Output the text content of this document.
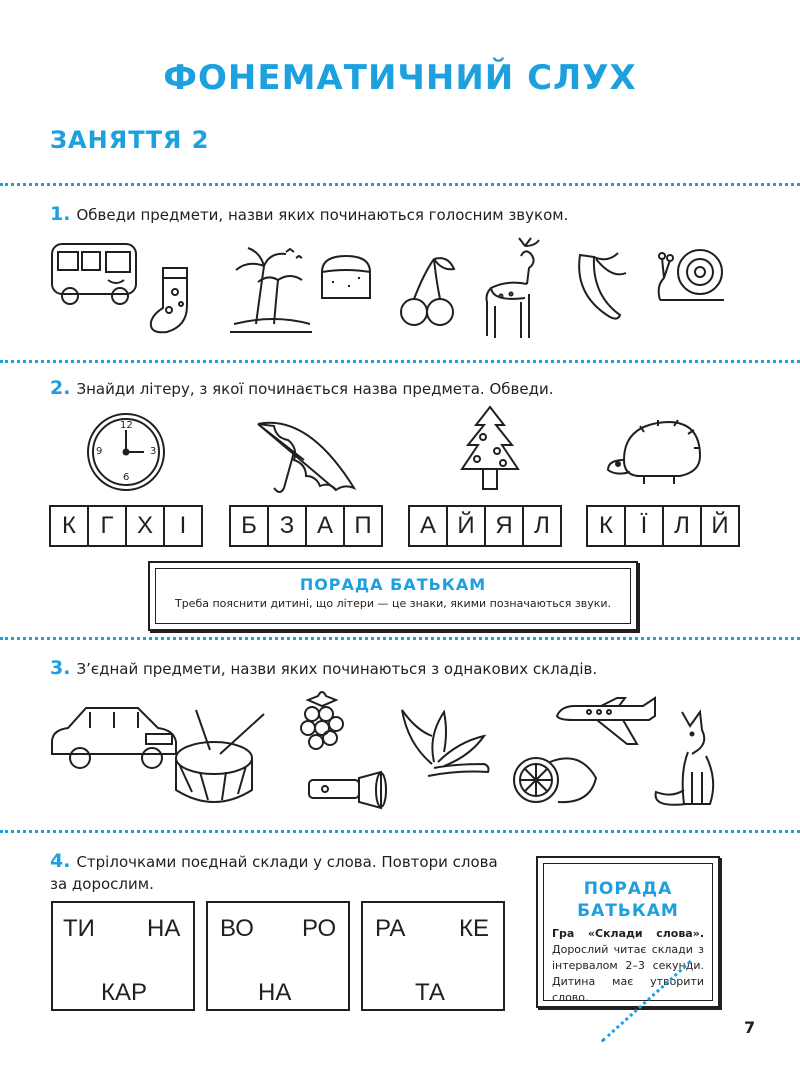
ФОНЕМАТИЧНИЙ СЛУХ
ЗАНЯТТЯ 2
1. Обведи предмети, назви яких починаються голосним звуком.
2. Знайди літеру, з якої починається назва предмета. Обведи.
12
3
6
9
К	Г Х	І	Б З А П	А Й Я Л	К	Ї	Л Й
ПОРАДА БАТЬКАМ
Треба пояснити дитині, що літери — це знаки, якими позначаються звуки.
3. З’єднай предмети, назви яких починаються з однакових складів.
4. Стрілочками поєднай склади у слова. Повтори слова за дорослим.
ТИ НА
КАР
ВО РО
НА
РА КЕ
ТА
ПОРАДА
БАТЬКАМ
Гра «Склади слова». Дорослий читає склади з інтервалом 2–3 секунди. Дитина має утворити слово.
7
